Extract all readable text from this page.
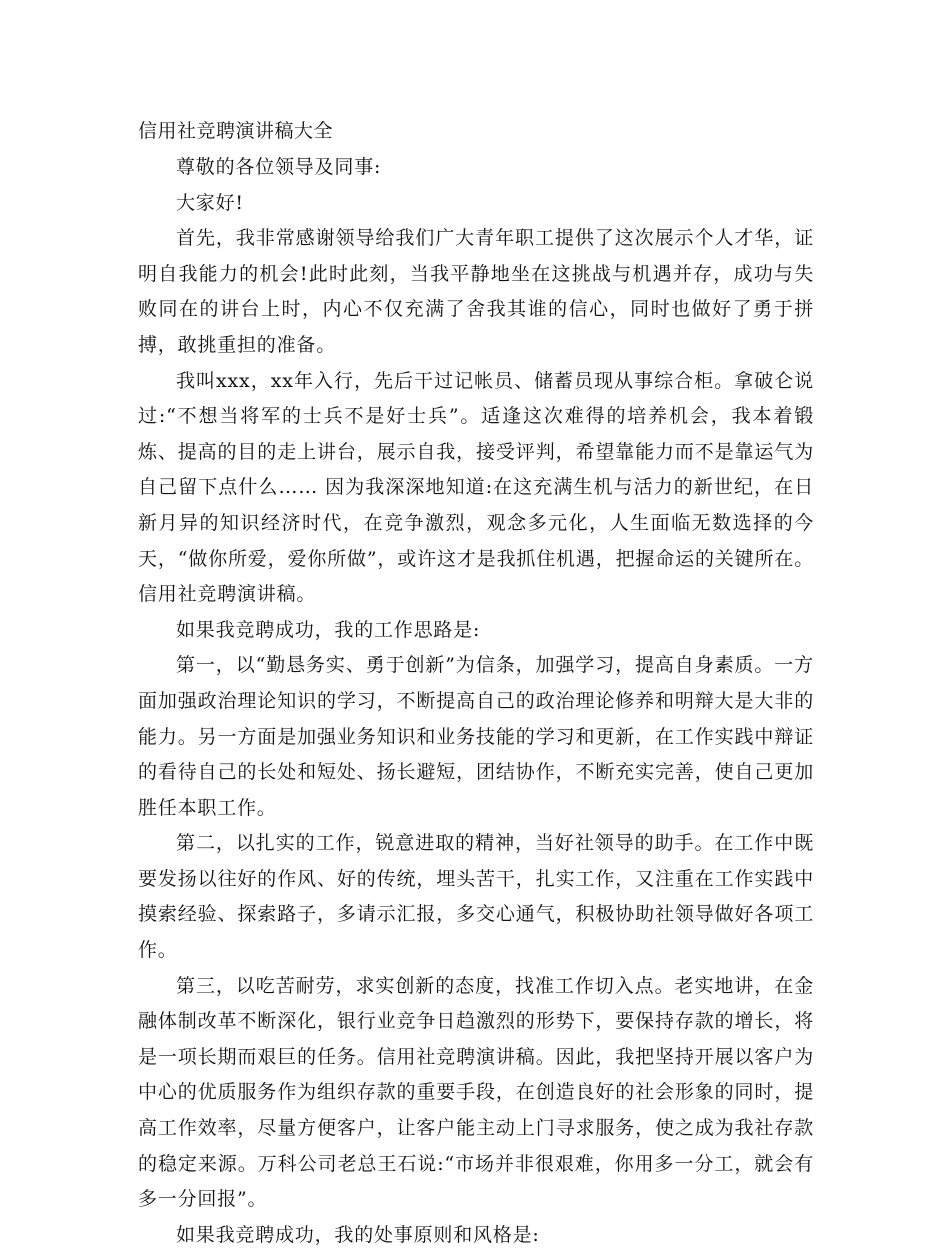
信用社竞聘演讲稿大全

尊敬的各位领导及同事:

大家好!

首先，我非常感谢领导给我们广大青年职工提供了这次展示个人才华，证明自我能力的机会!此时此刻，当我平静地坐在这挑战与机遇并存，成功与失败同在的讲台上时，内心不仅充满了舍我其谁的信心，同时也做好了勇于拼搏，敢挑重担的准备。

我叫xxx，xx年入行，先后干过记帐员、储蓄员现从事综合柜。拿破仑说过:“不想当将军的士兵不是好士兵”。适逢这次难得的培养机会，我本着锻炼、提高的目的走上讲台，展示自我，接受评判，希望靠能力而不是靠运气为自己留下点什么…… 因为我深深地知道:在这充满生机与活力的新世纪，在日新月异的知识经济时代，在竞争激烈，观念多元化，人生面临无数选择的今天，“做你所爱，爱你所做”，或许这才是我抓住机遇，把握命运的关键所在。信用社竞聘演讲稿。

如果我竞聘成功，我的工作思路是:

第一，以“勤恳务实、勇于创新”为信条，加强学习，提高自身素质。一方面加强政治理论知识的学习，不断提高自己的政治理论修养和明辩大是大非的能力。另一方面是加强业务知识和业务技能的学习和更新，在工作实践中辩证的看待自己的长处和短处、扬长避短，团结协作，不断充实完善，使自己更加胜任本职工作。

第二，以扎实的工作，锐意进取的精神，当好社领导的助手。在工作中既要发扬以往好的作风、好的传统，埋头苦干，扎实工作，又注重在工作实践中摸索经验、探索路子，多请示汇报，多交心通气，积极协助社领导做好各项工作。

第三，以吃苦耐劳，求实创新的态度，找准工作切入点。老实地讲，在金融体制改革不断深化，银行业竞争日趋激烈的形势下，要保持存款的增长，将是一项长期而艰巨的任务。信用社竞聘演讲稿。因此，我把坚持开展以客户为中心的优质服务作为组织存款的重要手段，在创造良好的社会形象的同时，提高工作效率，尽量方便客户，让客户能主动上门寻求服务，使之成为我社存款的稳定来源。万科公司老总王石说:“市场并非很艰难，你用多一分工，就会有多一分回报”。

如果我竞聘成功，我的处事原则和风格是:
